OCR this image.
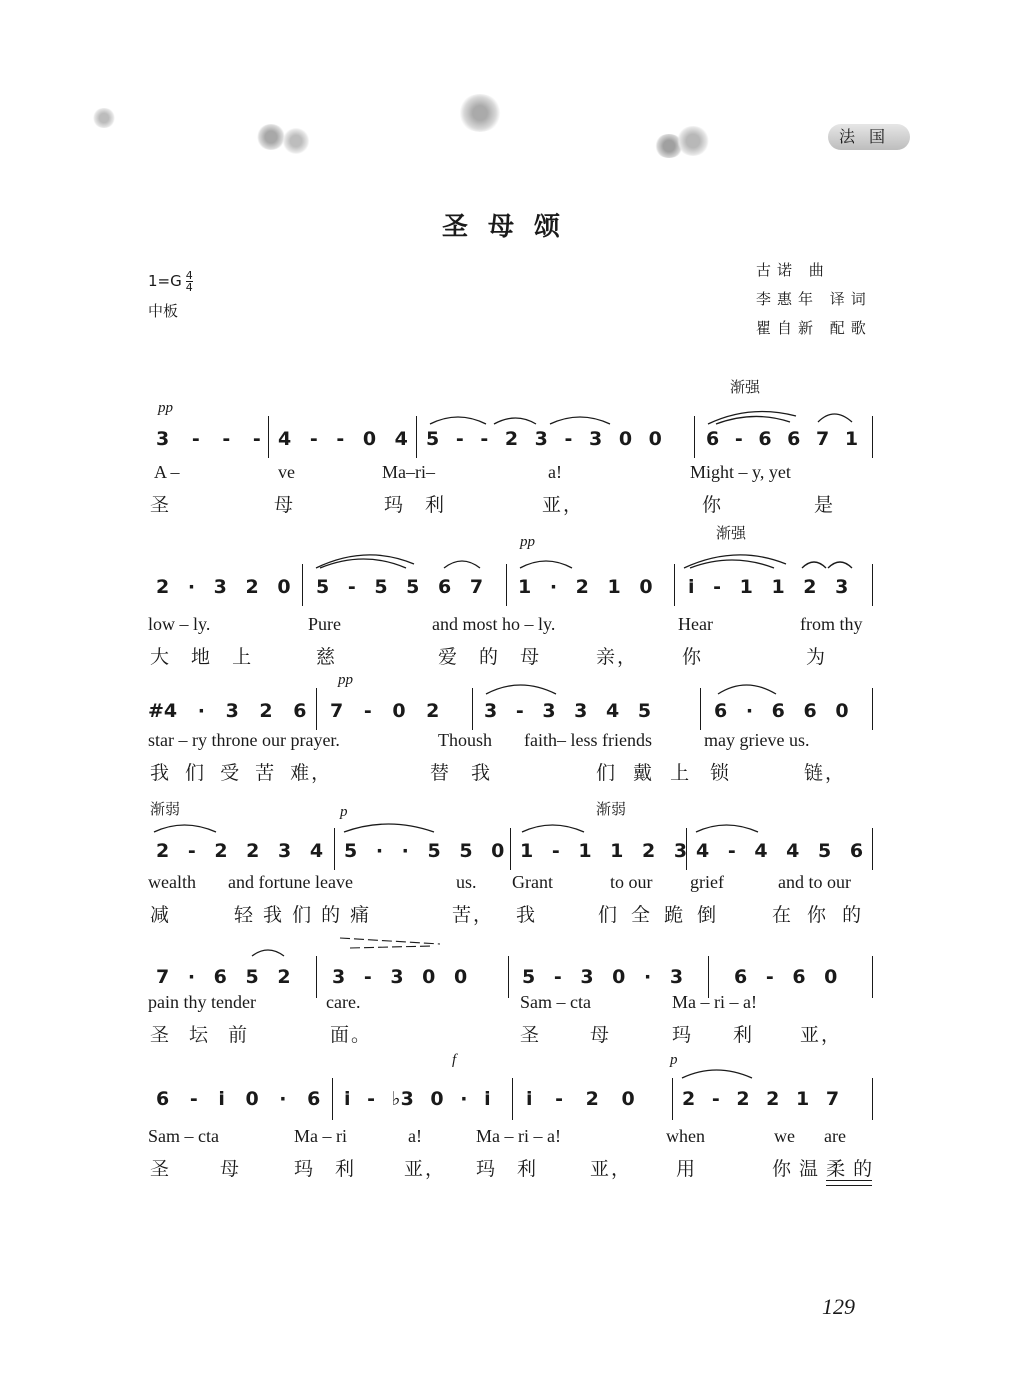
法国
圣母颂
$1=G \frac{4}{4}$
中板
古诺 曲
李惠年 译词
瞿自新 配歌
渐强
pp
3 - - - 4 - - 0 4 5 - - 2 3 - 3 0 0 6 - 6 6 7 1
A –	ve	Ma–ri–	a!	Might – y, yet
圣	母	玛 利	亚，	你	是
渐强
pp
2 · 3 2 0 5 - 5 5 6 7 1 · 2 1 0 i - 1 1 2 3
low – ly.	Pure	and most ho – ly.	Hear	from thy
大 地 上	慈	爱 的 母	亲， 你	为
pp
#4 · 3 2 6 7 - 0 2 3 - 3 3 4 5	6 · 6 6 0
star – ry throne our prayer.	Thoush faith– less friends	may grieve us.
我 们 受 苦 难，	替 我	们 戴 上 锁	链，
渐弱	渐弱
p
2 - 2 2 3 4 5 · · 5 5 0 1 - 1 1 2 3 4 - 4 4 5 6
wealth and fortune leave	us. Grant	to our grief	and to our
减	轻 我 们 的 痛	苦， 我	们 全 跪 倒	在 你 的
7 · 6 5 2 3 - 3 0 0	5 - 3 0 · 3	6 - 6 0
pain thy tender	care.	Sam – cta	Ma – ri – a!
圣 坛 前	面。	圣	母	玛 利 亚，
f	p
6 - i 0 · 6 i - ♭3 0 · i i - 2 0 2 - 2 2 1 7
Sam – cta	Ma – ri	a!	Ma – ri – a!	when	we are
圣	母	玛 利	亚， 玛 利	亚， 用	你 温 柔 的
129
